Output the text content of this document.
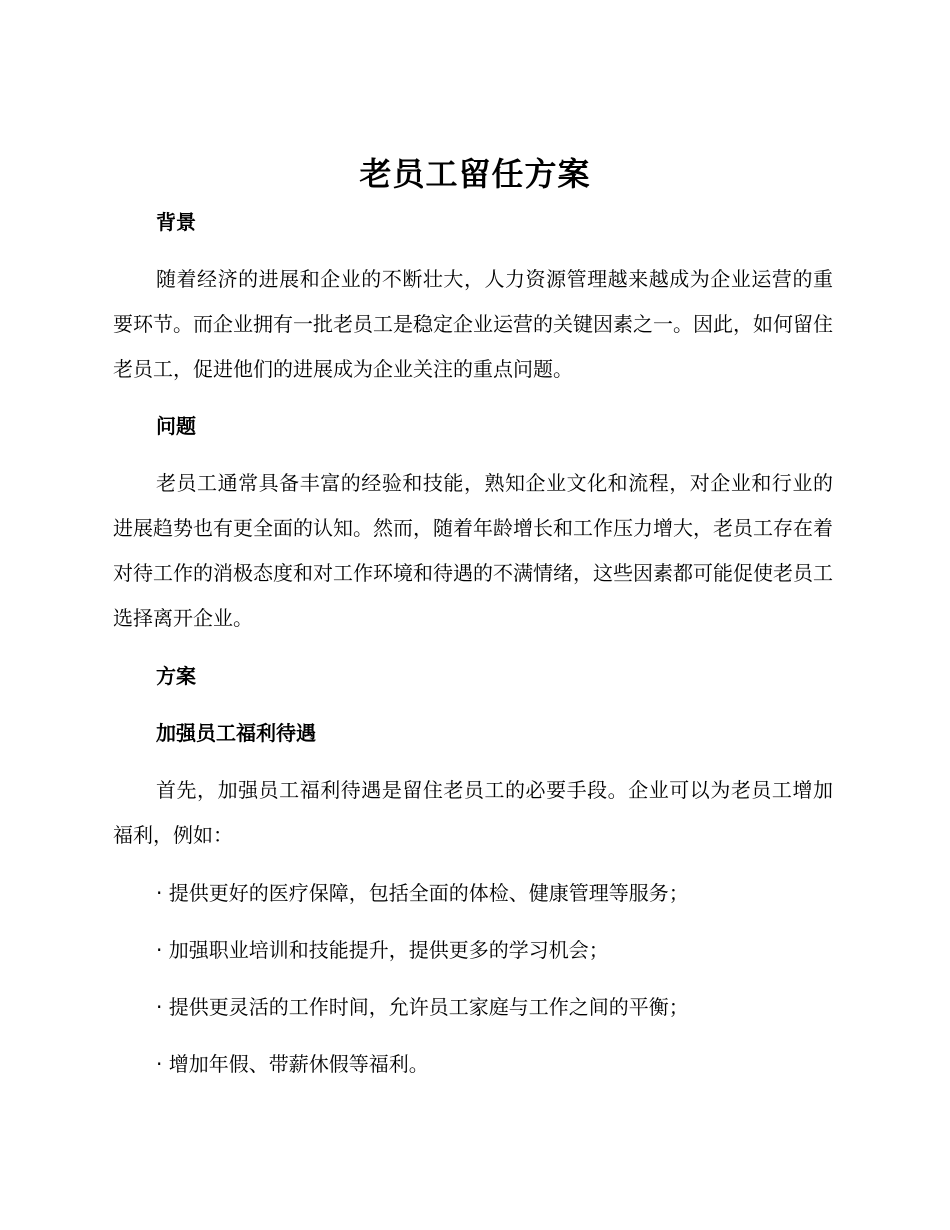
老员工留任方案
背景
随着经济的进展和企业的不断壮大，人力资源管理越来越成为企业运营的重要环节。而企业拥有一批老员工是稳定企业运营的关键因素之一。因此，如何留住老员工，促进他们的进展成为企业关注的重点问题。
问题
老员工通常具备丰富的经验和技能，熟知企业文化和流程，对企业和行业的进展趋势也有更全面的认知。然而，随着年龄增长和工作压力增大，老员工存在着对待工作的消极态度和对工作环境和待遇的不满情绪，这些因素都可能促使老员工选择离开企业。
方案
加强员工福利待遇
首先，加强员工福利待遇是留住老员工的必要手段。企业可以为老员工增加福利，例如：
· 提供更好的医疗保障，包括全面的体检、健康管理等服务；
· 加强职业培训和技能提升，提供更多的学习机会；
· 提供更灵活的工作时间，允许员工家庭与工作之间的平衡；
· 增加年假、带薪休假等福利。
